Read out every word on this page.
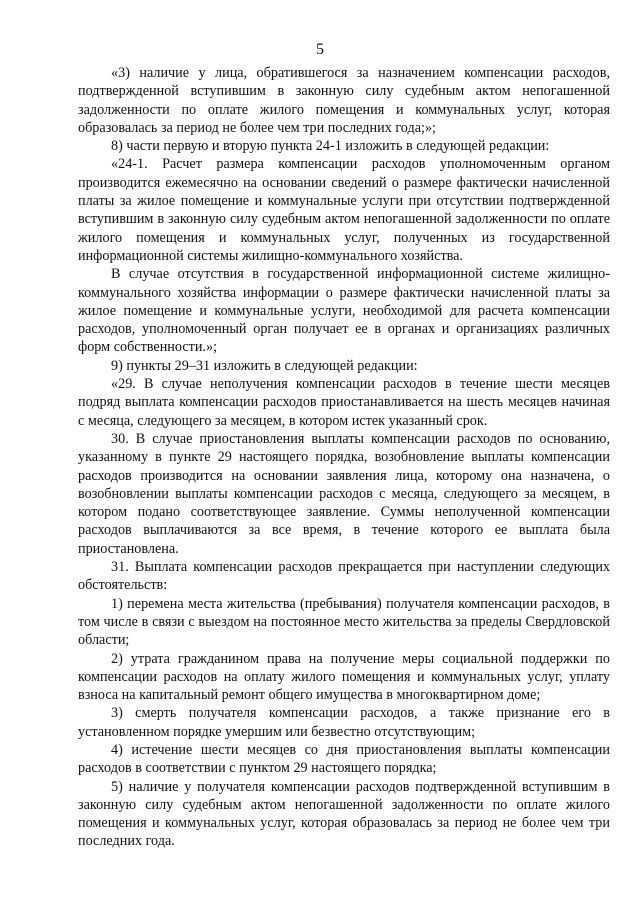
5

«3) наличие у лица, обратившегося за назначением компенсации расходов, подтвержденной вступившим в законную силу судебным актом непогашенной задолженности по оплате жилого помещения и коммунальных услуг, которая образовалась за период не более чем три последних года;»;

8) части первую и вторую пункта 24-1 изложить в следующей редакции:

«24-1. Расчет размера компенсации расходов уполномоченным органом производится ежемесячно на основании сведений о размере фактически начисленной платы за жилое помещение и коммунальные услуги при отсутствии подтвержденной вступившим в законную силу судебным актом непогашенной задолженности по оплате жилого помещения и коммунальных услуг, полученных из государственной информационной системы жилищно-коммунального хозяйства.

В случае отсутствия в государственной информационной системе жилищно-коммунального хозяйства информации о размере фактически начисленной платы за жилое помещение и коммунальные услуги, необходимой для расчета компенсации расходов, уполномоченный орган получает ее в органах и организациях различных форм собственности.»;

9) пункты 29–31 изложить в следующей редакции:

«29. В случае неполучения компенсации расходов в течение шести месяцев подряд выплата компенсации расходов приостанавливается на шесть месяцев начиная с месяца, следующего за месяцем, в котором истек указанный срок.

30. В случае приостановления выплаты компенсации расходов по основанию, указанному в пункте 29 настоящего порядка, возобновление выплаты компенсации расходов производится на основании заявления лица, которому она назначена, о возобновлении выплаты компенсации расходов с месяца, следующего за месяцем, в котором подано соответствующее заявление. Суммы неполученной компенсации расходов выплачиваются за все время, в течение которого ее выплата была приостановлена.

31. Выплата компенсации расходов прекращается при наступлении следующих обстоятельств:

1) перемена места жительства (пребывания) получателя компенсации расходов, в том числе в связи с выездом на постоянное место жительства за пределы Свердловской области;

2) утрата гражданином права на получение меры социальной поддержки по компенсации расходов на оплату жилого помещения и коммунальных услуг, уплату взноса на капитальный ремонт общего имущества в многоквартирном доме;

3) смерть получателя компенсации расходов, а также признание его в установленном порядке умершим или безвестно отсутствующим;

4) истечение шести месяцев со дня приостановления выплаты компенсации расходов в соответствии с пунктом 29 настоящего порядка;

5) наличие у получателя компенсации расходов подтвержденной вступившим в законную силу судебным актом непогашенной задолженности по оплате жилого помещения и коммунальных услуг, которая образовалась за период не более чем три последних года.
